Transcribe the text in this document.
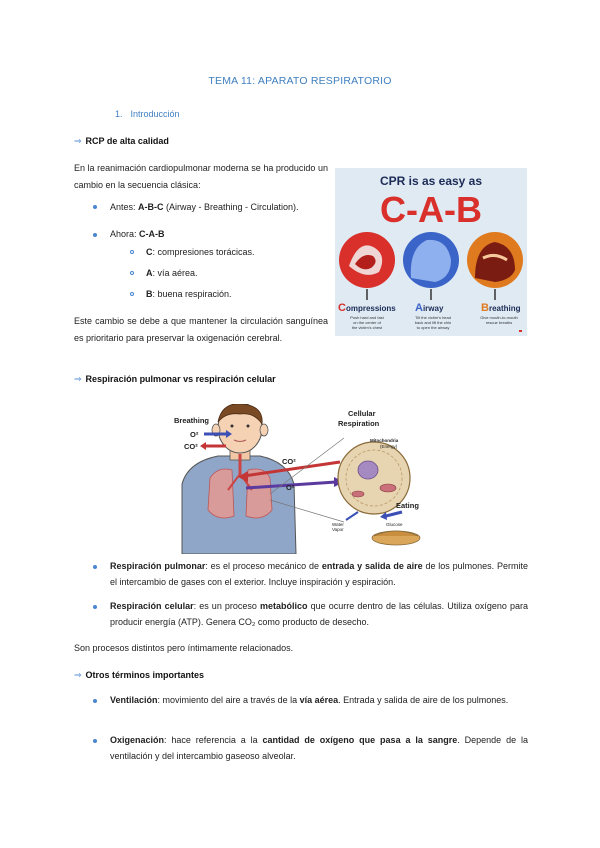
TEMA 11: APARATO RESPIRATORIO
1. Introducción
⇒ RCP de alta calidad
En la reanimación cardiopulmonar moderna se ha producido un cambio en la secuencia clásica:
Antes: A-B-C (Airway - Breathing - Circulation).
Ahora: C-A-B
C: compresiones torácicas.
A: vía aérea.
B: buena respiración.
Este cambio se debe a que mantener la circulación sanguínea es prioritario para preservar la oxigenación cerebral.
CPR is as easy as
C-A-B
Compressions Airway	Breathing
Push hard and fast
on the center of
the victim's chest
Tilt the victim's head
back and lift the chin
to open the airway
Give mouth-to-mouth
rescue breaths
⇒ Respiración pulmonar vs respiración celular
Breathing
O²
CO²
CO²
O²
Cellular
Respiration
Mitochondria
(Energy)
Eating
Water
Vapor
Glucose
Respiración pulmonar: es el proceso mecánico de entrada y salida de aire de los pulmones. Permite el intercambio de gases con el exterior. Incluye inspiración y espiración.
Respiración celular: es un proceso metabólico que ocurre dentro de las células. Utiliza oxígeno para producir energía (ATP). Genera CO₂ como producto de desecho.
Son procesos distintos pero íntimamente relacionados.
⇒ Otros términos importantes
Ventilación: movimiento del aire a través de la vía aérea. Entrada y salida de aire de los pulmones.
Oxigenación: hace referencia a la cantidad de oxígeno que pasa a la sangre. Depende de la ventilación y del intercambio gaseoso alveolar.
